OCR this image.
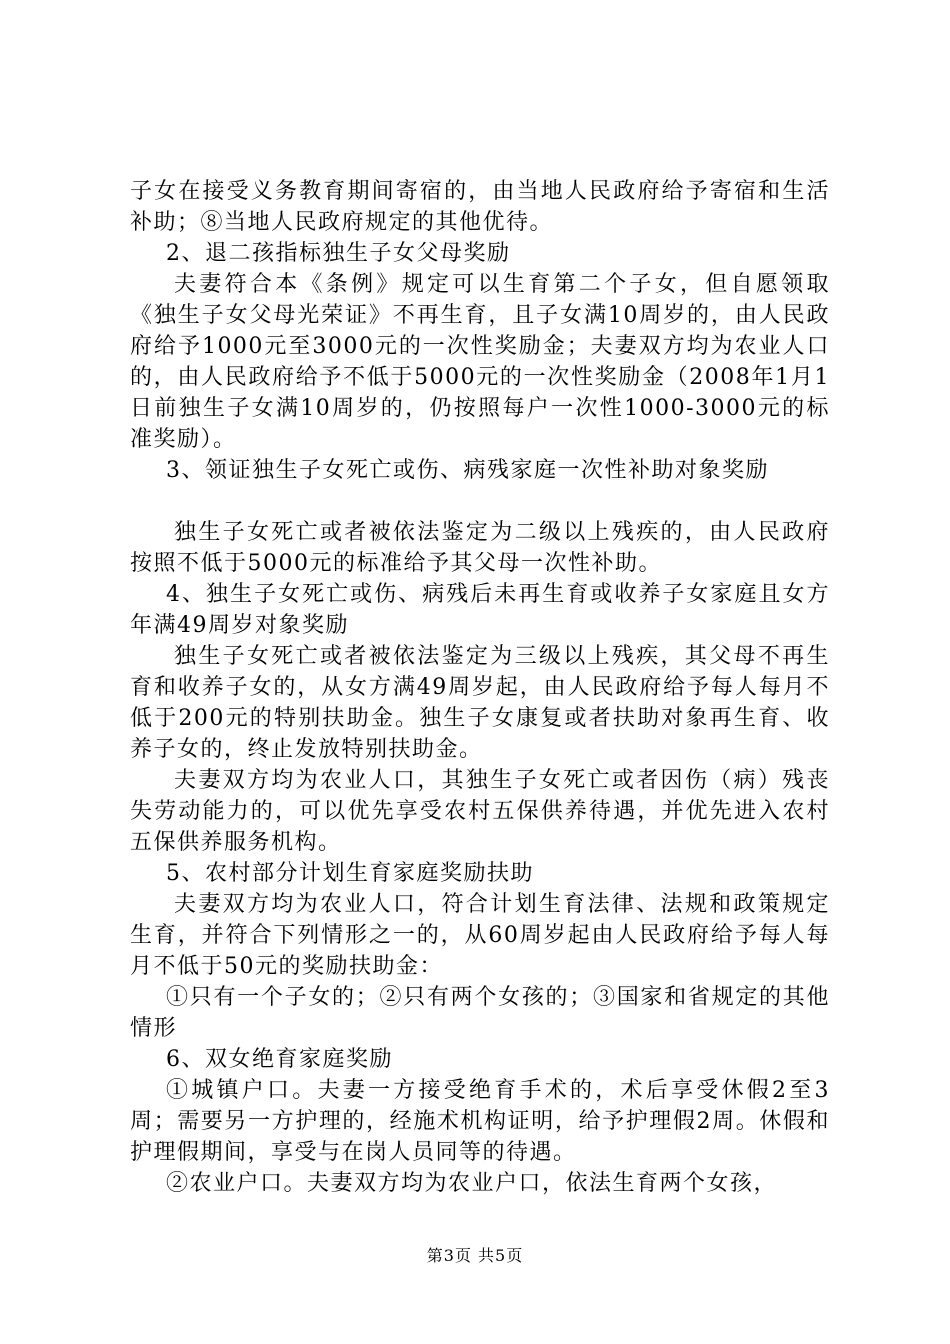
子女在接受义务教育期间寄宿的，由当地人民政府给予寄宿和生活补助；⑧当地人民政府规定的其他优待。

2、退二孩指标独生子女父母奖励

夫妻符合本《条例》规定可以生育第二个子女，但自愿领取《独生子女父母光荣证》不再生育，且子女满10周岁的，由人民政府给予1000元至3000元的一次性奖励金；夫妻双方均为农业人口的，由人民政府给予不低于5000元的一次性奖励金（2008年1月1日前独生子女满10周岁的，仍按照每户一次性1000-3000元的标准奖励）。

3、领证独生子女死亡或伤、病残家庭一次性补助对象奖励

独生子女死亡或者被依法鉴定为二级以上残疾的，由人民政府按照不低于5000元的标准给予其父母一次性补助。

4、独生子女死亡或伤、病残后未再生育或收养子女家庭且女方年满49周岁对象奖励

独生子女死亡或者被依法鉴定为三级以上残疾，其父母不再生育和收养子女的，从女方满49周岁起，由人民政府给予每人每月不低于200元的特别扶助金。独生子女康复或者扶助对象再生育、收养子女的，终止发放特别扶助金。

夫妻双方均为农业人口，其独生子女死亡或者因伤（病）残丧失劳动能力的，可以优先享受农村五保供养待遇，并优先进入农村五保供养服务机构。

5、农村部分计划生育家庭奖励扶助

夫妻双方均为农业人口，符合计划生育法律、法规和政策规定生育，并符合下列情形之一的，从60周岁起由人民政府给予每人每月不低于50元的奖励扶助金：

①只有一个子女的；②只有两个女孩的；③国家和省规定的其他情形

6、双女绝育家庭奖励

①城镇户口。夫妻一方接受绝育手术的，术后享受休假2至3周；需要另一方护理的，经施术机构证明，给予护理假2周。休假和护理假期间，享受与在岗人员同等的待遇。

②农业户口。夫妻双方均为农业户口，依法生育两个女孩，

第3页 共5页
